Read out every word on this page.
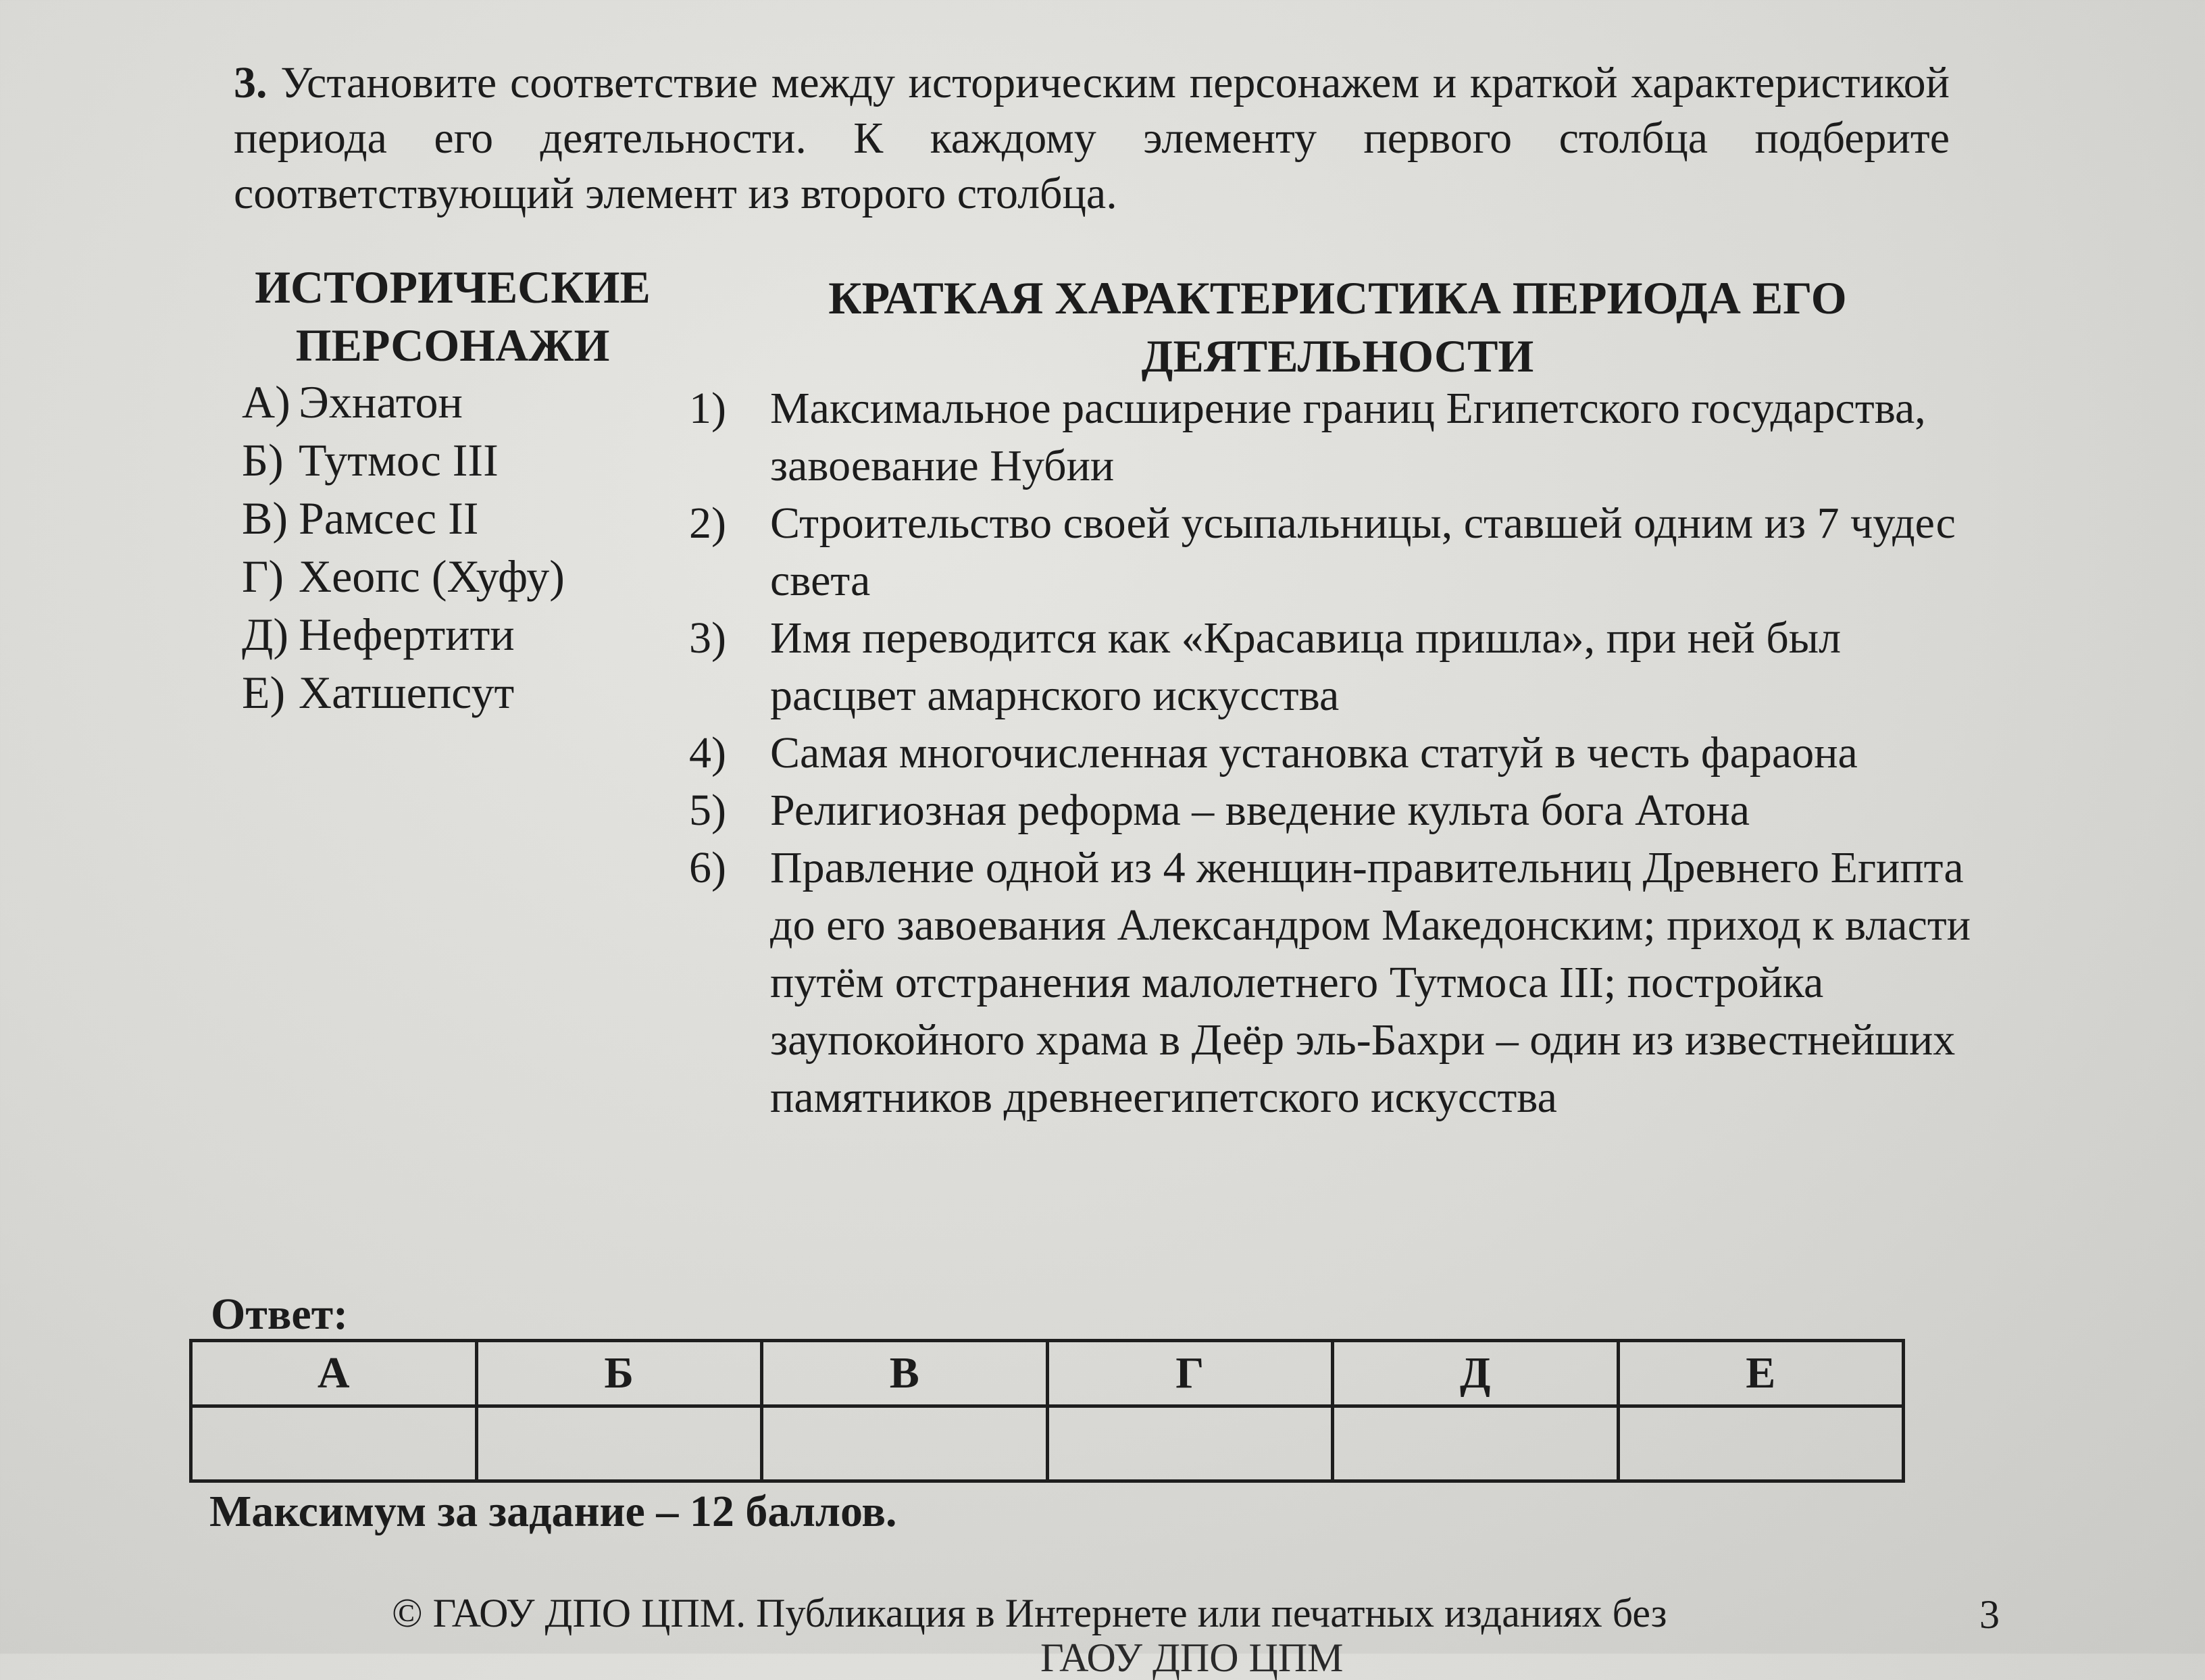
3. Установите соответствие между историческим персонажем и краткой характеристикой периода его деятельности. К каждому элементу первого столбца подберите соответствующий элемент из второго столбца.

ИСТОРИЧЕСКИЕ
ПЕРСОНАЖИ
КРАТКАЯ ХАРАКТЕРИСТИКА ПЕРИОДА ЕГО
ДЕЯТЕЛЬНОСТИ
А) Эхнатон
Б) Тутмос III
В) Рамсес II
Г) Хеопс (Хуфу)
Д) Нефертити
Е) Хатшепсут
1) Максимальное расширение границ Египетского государства, завоевание Нубии
2) Строительство своей усыпальницы, ставшей одним из 7 чудес света
3) Имя переводится как «Красавица пришла», при ней был расцвет амарнского искусства
4) Самая многочисленная установка статуй в честь фараона
5) Религиозная реформа – введение культа бога Атона
6) Правление одной из 4 женщин-правительниц Древнего Египта до его завоевания Александром Македонским; приход к власти путём отстранения малолетнего Тутмоса III; постройка заупокойного храма в Деёр эль-Бахри – один из известнейших памятников древнеегипетского искусства

Ответ:

А	Б	В	Г	Д	Е

Максимум за задание – 12 баллов.

© ГАОУ ДПО ЦПМ. Публикация в Интернете или печатных изданиях без	3

ГАОУ ДПО ЦПМ
